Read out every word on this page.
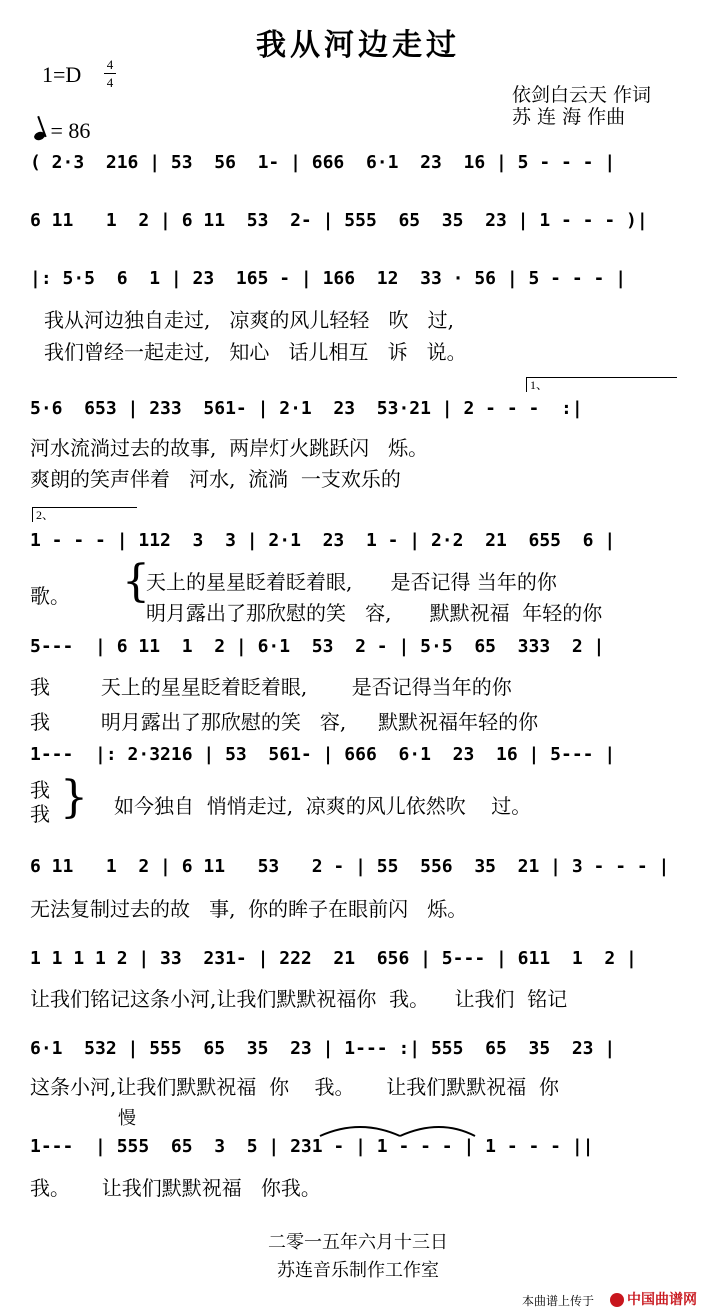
我从河边走过
1=D 4
4
= 86
依剑白云天 作词
苏 连 海 作曲
( 2·3  216 | 53  56  1- | 666  6·1  23  16 | 5 - - - |
6 11   1  2 | 6 11  53  2- | 555  65  35  23 | 1 - - - )|
|: 5·5  6  1 | 23  165 - | 166  12  33 · 56 | 5 - - - |
我从河边独自走过,   凉爽的风儿轻轻   吹   过,
我们曾经一起走过,   知心   话儿相互   诉   说。
1、
5·6  653 | 233  561- | 2·1  23  53·21 | 2 - - -  :|
河水流淌过去的故事,  两岸灯火跳跃闪   烁。
爽朗的笑声伴着   河水,  流淌  一支欢乐的
2、
1 - - - | 112  3  3 | 2·1  23  1 - | 2·2  21  655  6 |
歌。	{
天上的星星眨着眨着眼,      是否记得 当年的你
明月露出了那欣慰的笑   容,      默默祝福  年轻的你
5---  | 6 11  1  2 | 6·1  53  2 - | 5·5  65  333  2 |
我        天上的星星眨着眨着眼,       是否记得当年的你
我        明月露出了那欣慰的笑   容,     默默祝福年轻的你
1---  |: 2·3216 | 53  561- | 666  6·1  23  16 | 5--- |
我
我 } 如今独自  悄悄走过,  凉爽的风儿依然吹    过。
6 11   1  2 | 6 11   53   2 - | 55  556  35  21 | 3 - - - |
无法复制过去的故   事,  你的眸子在眼前闪   烁。
1 1 1 1 2 | 33  231- | 222  21  656 | 5--- | 611  1  2 |
让我们铭记这条小河,让我们默默祝福你  我。    让我们  铭记
6·1  532 | 555  65  35  23 | 1--- :| 555  65  35  23 |
这条小河,让我们默默祝福  你    我。     让我们默默祝福  你
慢
1---  | 555  65  3  5 | 231 - | 1 - - - | 1 - - - ||
我。     让我们默默祝福   你我。
二零一五年六月十三日
苏连音乐制作工作室
本曲谱上传于	中国曲谱网
